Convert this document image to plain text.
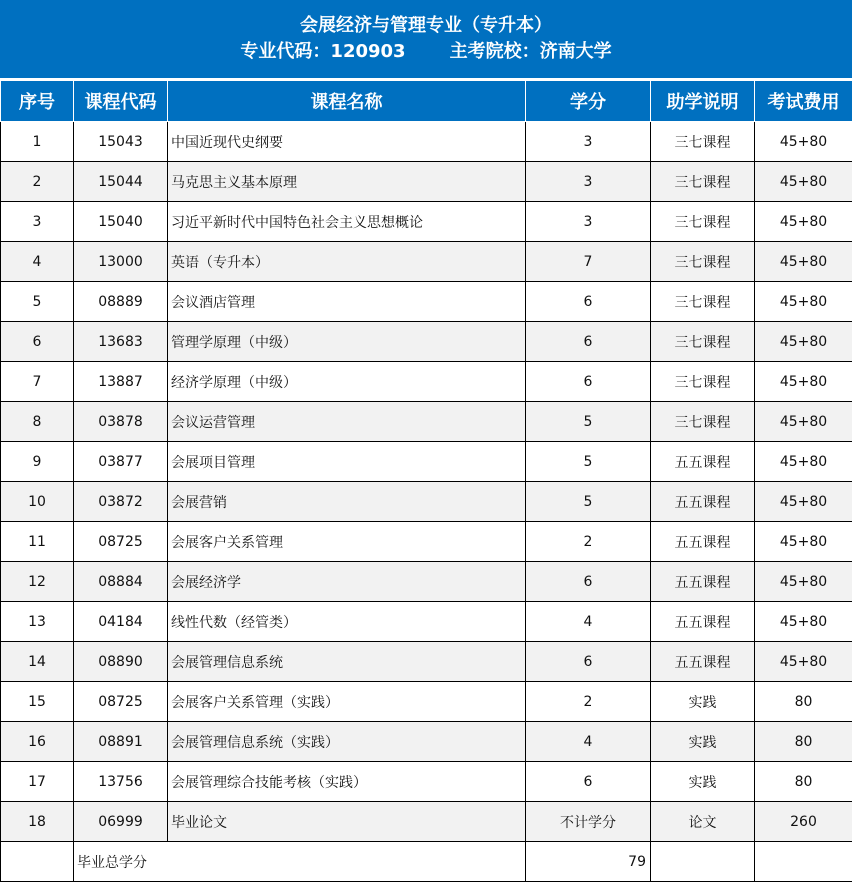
会展经济与管理专业（专升本）
专业代码：120903 主考院校：济南大学
序号	课程代码	课程名称	学分	助学说明	考试费用
1	15043	中国近现代史纲要	3	三七课程	45+80
2	15044	马克思主义基本原理	3	三七课程	45+80
3	15040	习近平新时代中国特色社会主义思想概论	3	三七课程	45+80
4	13000	英语（专升本）	7	三七课程	45+80
5	08889	会议酒店管理	6	三七课程	45+80
6	13683	管理学原理（中级）	6	三七课程	45+80
7	13887	经济学原理（中级）	6	三七课程	45+80
8	03878	会议运营管理	5	三七课程	45+80
9	03877	会展项目管理	5	五五课程	45+80
10	03872	会展营销	5	五五课程	45+80
11	08725	会展客户关系管理	2	五五课程	45+80
12	08884	会展经济学	6	五五课程	45+80
13	04184	线性代数（经管类）	4	五五课程	45+80
14	08890	会展管理信息系统	6	五五课程	45+80
15	08725	会展客户关系管理（实践）	2	实践	80
16	08891	会展管理信息系统（实践）	4	实践	80
17	13756	会展管理综合技能考核（实践）	6	实践	80
18	06999	毕业论文	不计学分	论文	260
	毕业总学分		79		
